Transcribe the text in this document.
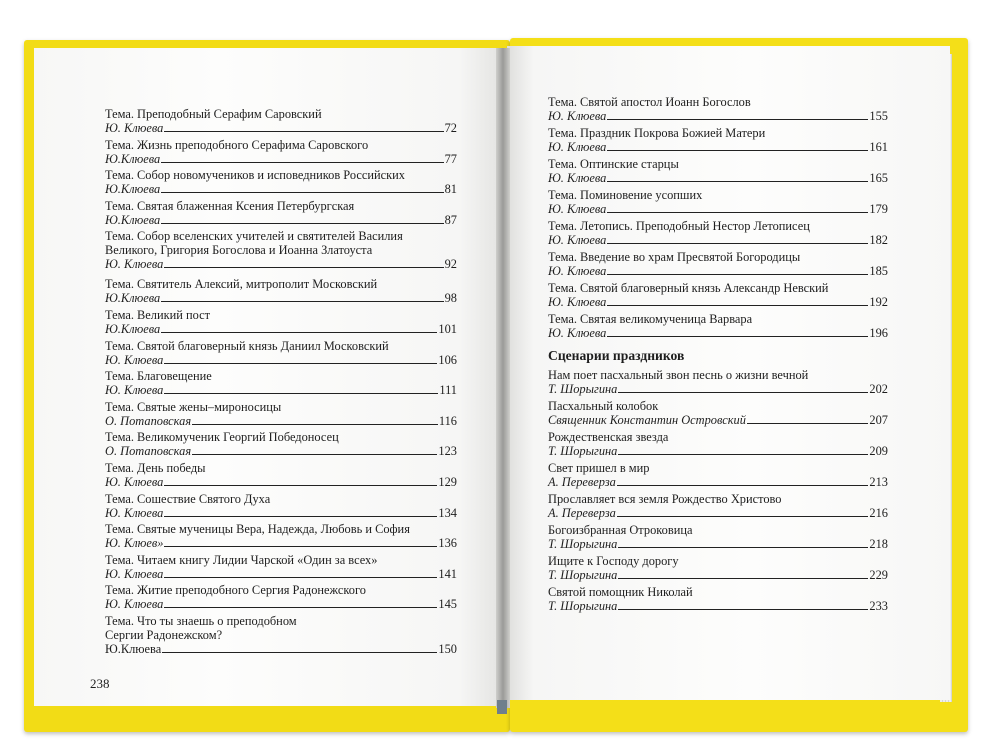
Тема. Преподобный Серафим Саровский
Ю. Клюева	72
Тема. Жизнь преподобного Серафима Саровского
Ю.Клюева	77
Тема. Собор новомучеников и исповедников Российских
Ю.Клюева	81
Тема. Святая блаженная Ксения Петербургская
Ю.Клюева	87
Тема. Собор вселенских учителей и святителей Василия
Великого, Григория Богослова и Иоанна Златоуста
Ю. Клюева	92
Тема. Святитель Алексий, митрополит Московский
Ю.Клюева	98
Тема. Великий пост
Ю.Клюева	101
Тема. Святой благоверный князь Даниил Московский
Ю. Клюева	106
Тема. Благовещение
Ю. Клюева	111
Тема. Святые жены–мироносицы
О. Потаповская	116
Тема. Великомученик Георгий Победоносец
О. Потаповская	123
Тема. День победы
Ю. Клюева	129
Тема. Сошествие Святого Духа
Ю. Клюева	134
Тема. Святые мученицы Вера, Надежда, Любовь и София
Ю. Клюев»	136
Тема. Читаем книгу Лидии Чарской «Один за всех»
Ю. Клюева	141
Тема. Житие преподобного Сергия Радонежского
Ю. Клюева	145
Тема. Что ты знаешь о преподобном
Сергии Радонежском?
Ю.Клюева	150
238
Тема. Святой апостол Иоанн Богослов
Ю. Клюева	155
Тема. Праздник Покрова Божией Матери
Ю. Клюева	161
Тема. Оптинские старцы
Ю. Клюева	165
Тема. Поминовение усопших
Ю. Клюева	179
Тема. Летопись. Преподобный Нестор Летописец
Ю. Клюева	182
Тема. Введение во храм Пресвятой Богородицы
Ю. Клюева	185
Тема. Святой благоверный князь Александр Невский
Ю. Клюева	192
Тема. Святая великомученица Варвара
Ю. Клюева	196
Сценарии праздников
Нам поет пасхальный звон песнь о жизни вечной
Т. Шорыгина	202
Пасхальный колобок
Священник Константин Островский	207
Рождественская звезда
Т. Шорыгина	209
Свет пришел в мир
А. Переверза	213
Прославляет вся земля Рождество Христово
А. Переверза	216
Богоизбранная Отроковица
Т. Шорыгина	218
Ищите к Господу дорогу
Т. Шорыгина	229
Святой помощник Николай
Т. Шорыгина	233
